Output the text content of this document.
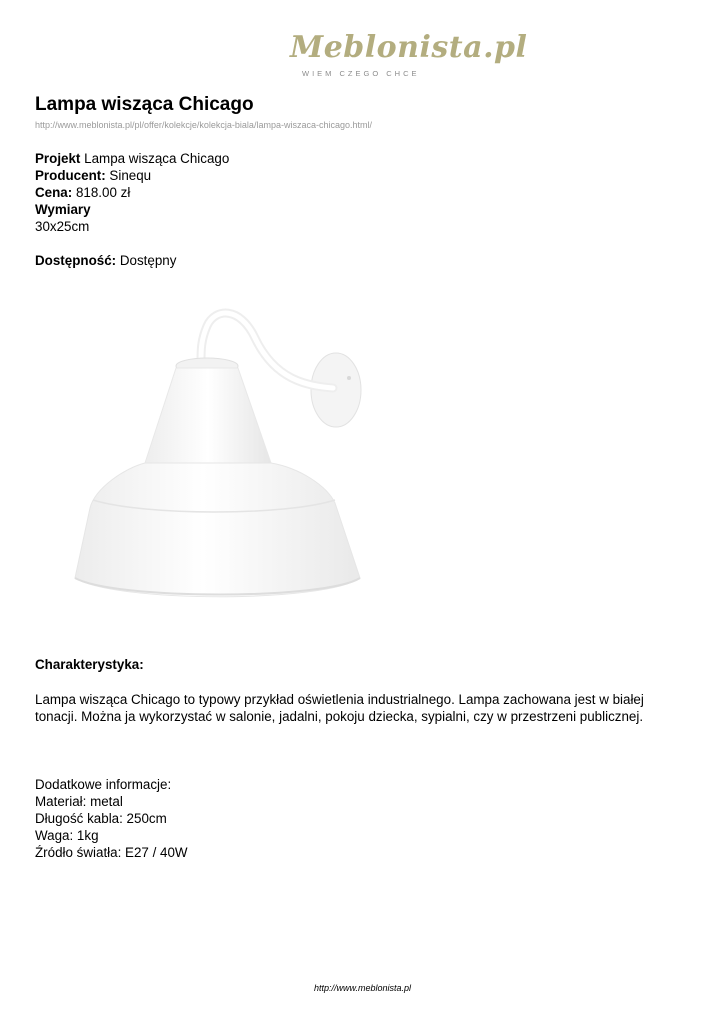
Meblonista.pl
WIEM CZEGO CHCE
Lampa wisząca Chicago
http://www.meblonista.pl/pl/offer/kolekcje/kolekcja-biala/lampa-wiszaca-chicago.html/
Projekt Lampa wisząca Chicago
Producent: Sinequ
Cena: 818.00 zł
Wymiary
30x25cm
Dostępność: Dostępny
Charakterystyka:
Lampa wisząca Chicago to typowy przykład oświetlenia industrialnego. Lampa zachowana jest w białej tonacji. Można ja wykorzystać w salonie, jadalni, pokoju dziecka, sypialni, czy w przestrzeni publicznej.
Dodatkowe informacje:
Materiał: metal
Długość kabla: 250cm
Waga: 1kg
Źródło światła: E27 / 40W
http://www.meblonista.pl
